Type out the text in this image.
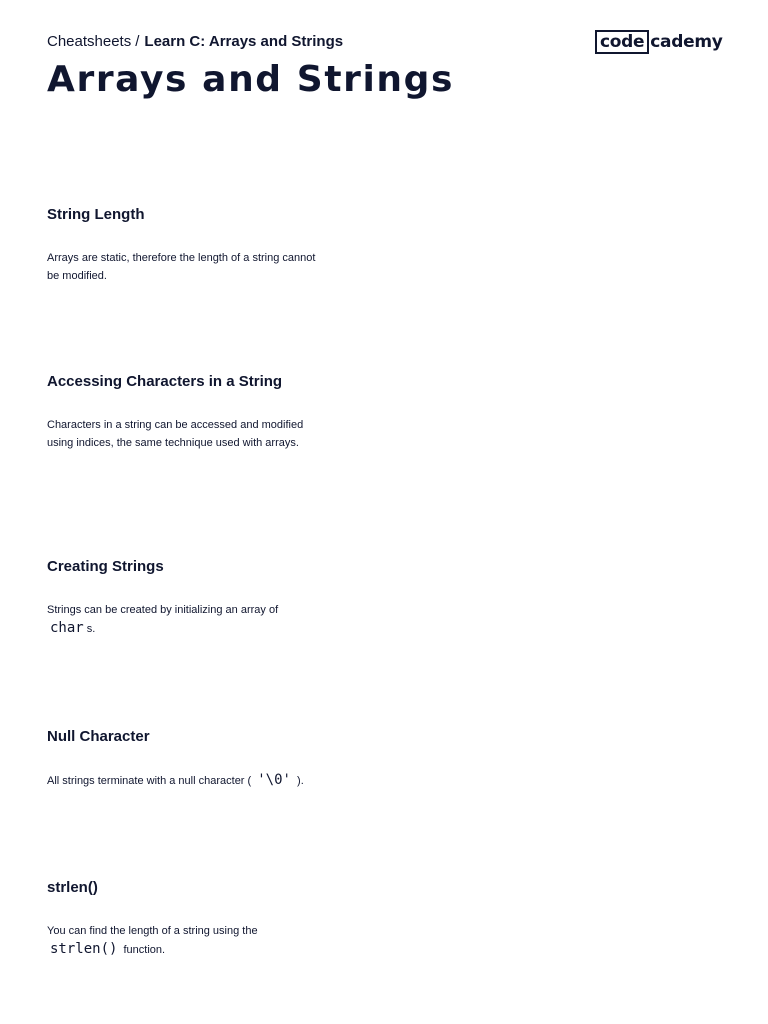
Cheatsheets / Learn C: Arrays and Strings	code cademy
Arrays and Strings
String Length

Arrays are static, therefore the length of a string cannot be modified.

Accessing Characters in a String

Characters in a string can be accessed and modified using indices, the same technique used with arrays.

Creating Strings

Strings can be created by initializing an array of char s.

Null Character

All strings terminate with a null character ( '\0' ).

strlen()

You can find the length of a string using the strlen() function.
